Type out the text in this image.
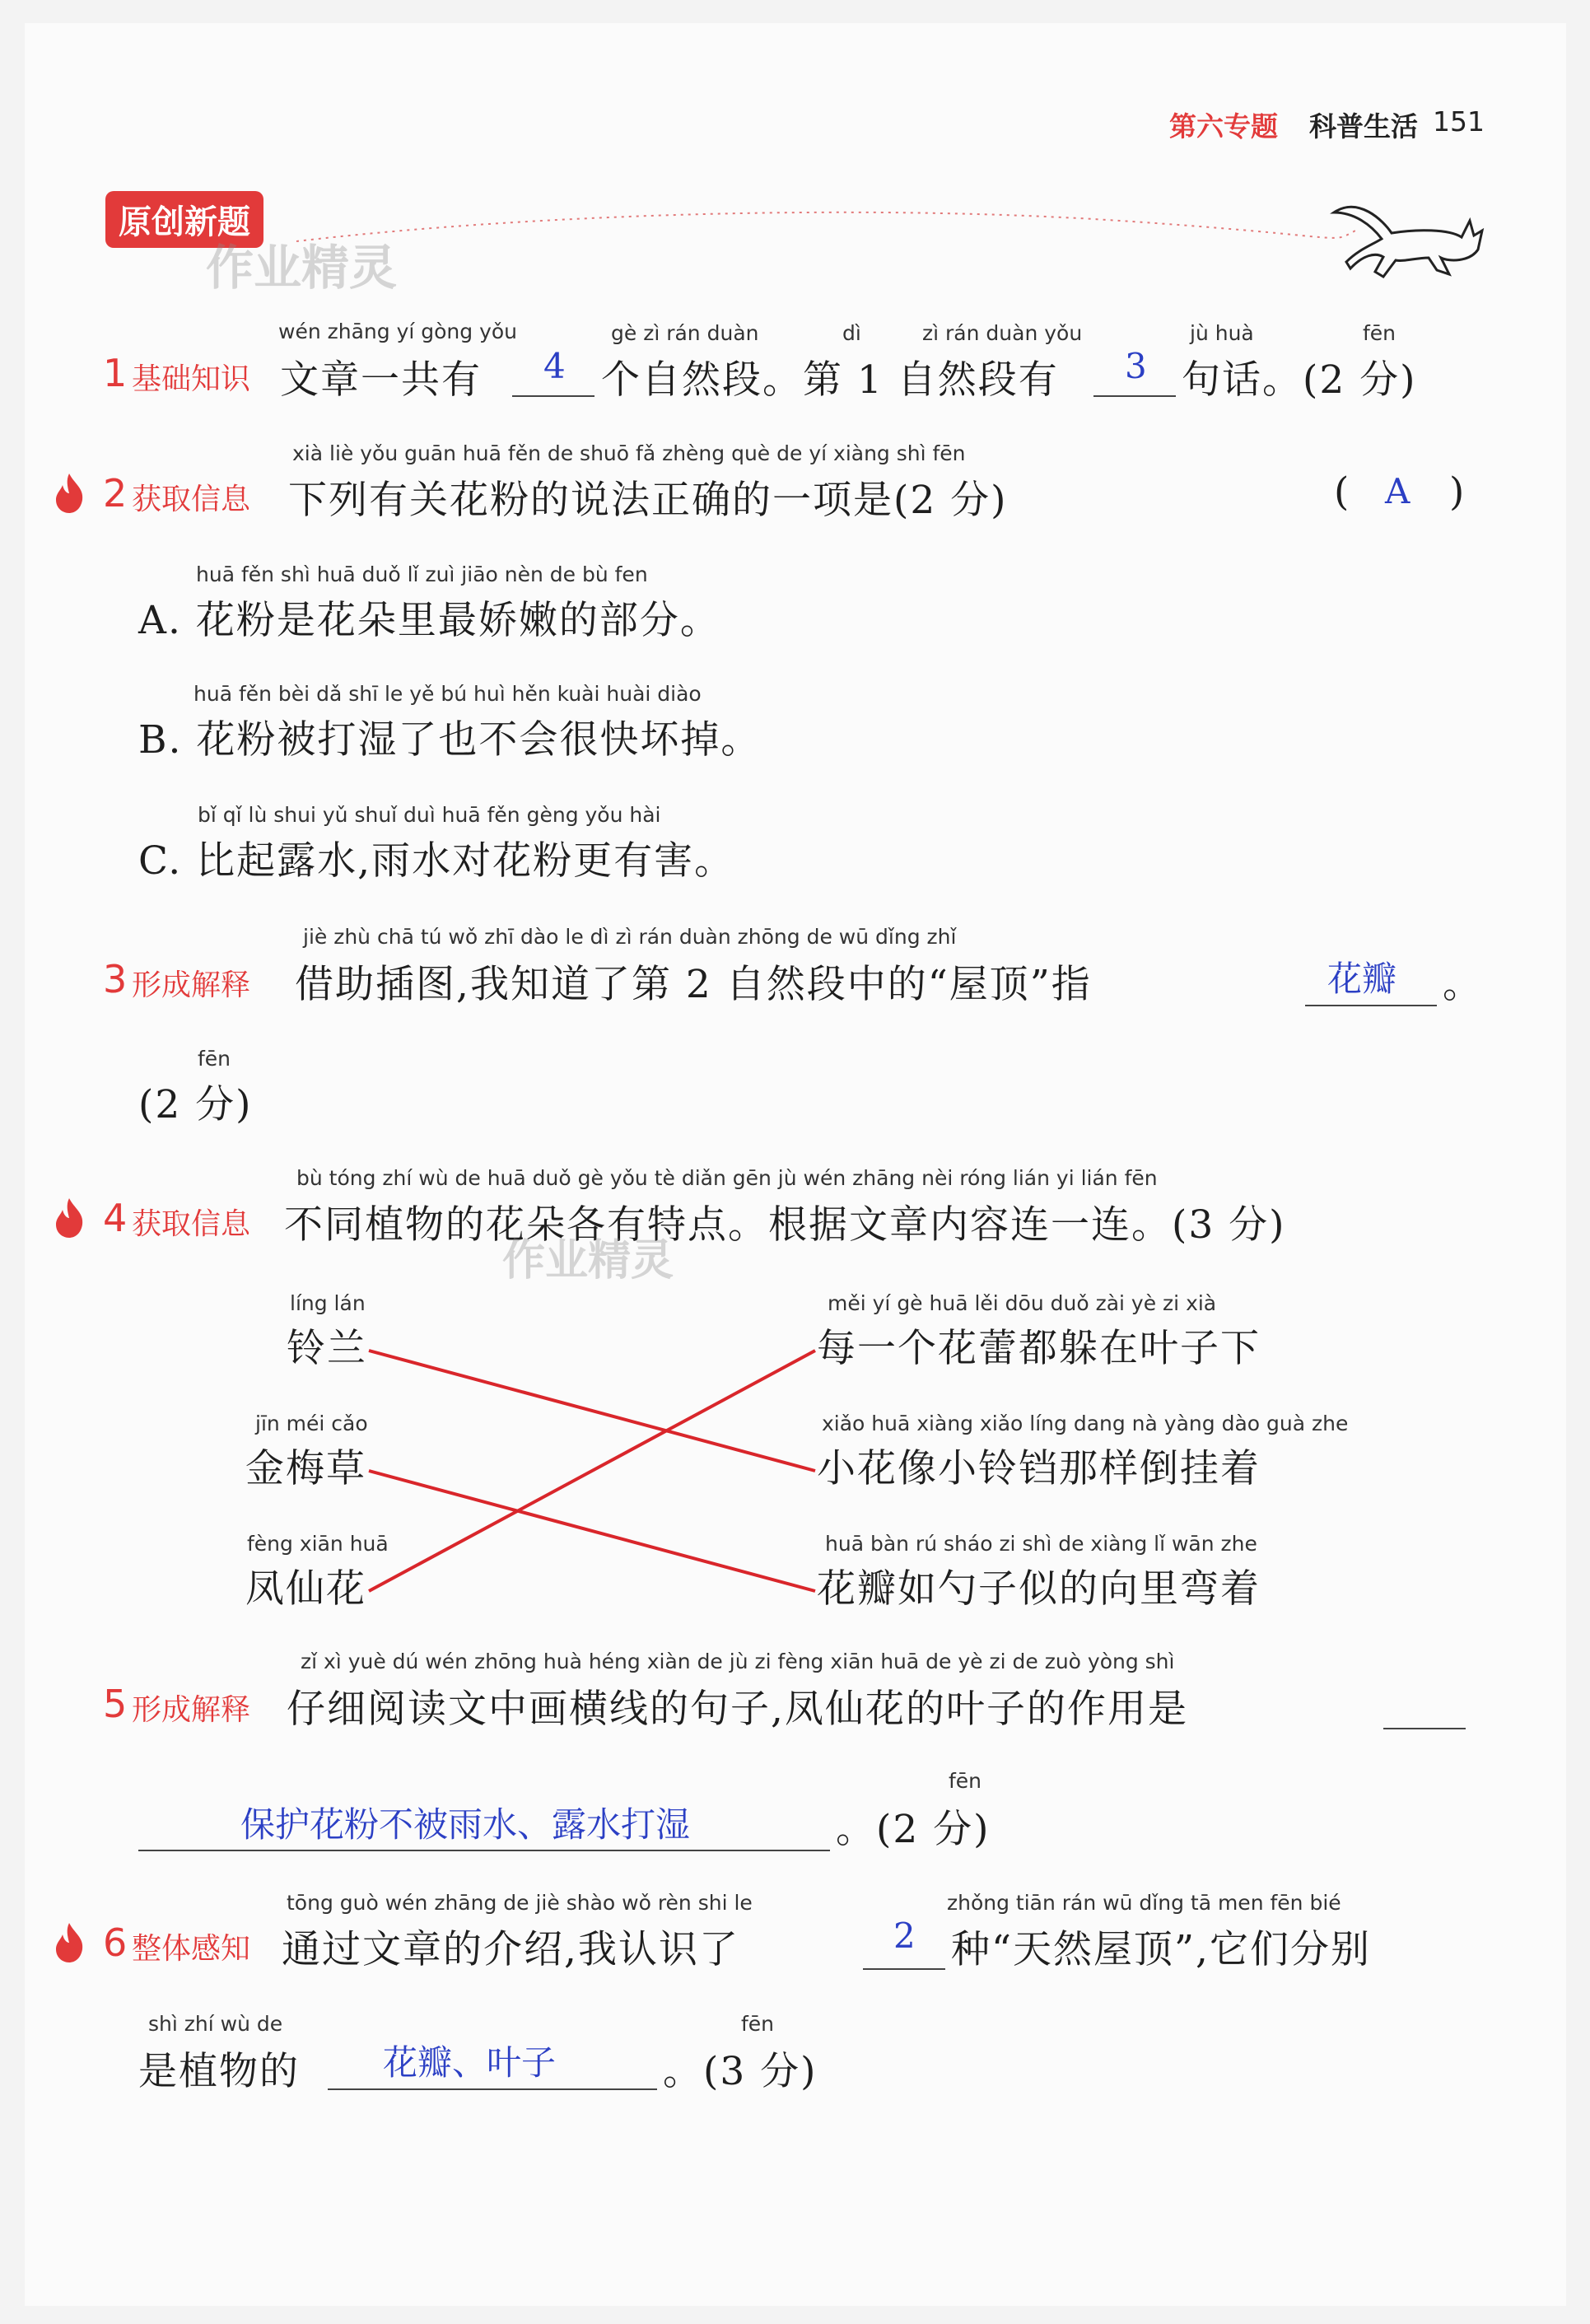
第六专题 科普生活 151
原创新题
作业精灵
wén zhāng yí gòng yǒu	gè zì rán duàn	dì	zì rán duàn yǒu	jù huà	fēn
1 基础知识 文章一共有 4 个自然段。第 1 自然段有 3 句话。(2 分)
xià liè yǒu guān huā fěn de shuō fǎ zhèng què de yí xiàng shì fēn
2 获取信息 下列有关花粉的说法正确的一项是(2 分)	( A )
huā fěn shì huā duǒ lǐ zuì jiāo nèn de bù fen
A. 花粉是花朵里最娇嫩的部分。
huā fěn bèi dǎ shī le yě bú huì hěn kuài huài diào
B. 花粉被打湿了也不会很快坏掉。
bǐ qǐ lù shui yǔ shuǐ duì huā fěn gèng yǒu hài
C. 比起露水,雨水对花粉更有害。
jiè zhù chā tú wǒ zhī dào le dì zì rán duàn zhōng de wū dǐng zhǐ
3 形成解释 借助插图,我知道了第 2 自然段中的“屋顶”指	花瓣 。
fēn
(2 分)
bù tóng zhí wù de huā duǒ gè yǒu tè diǎn gēn jù wén zhāng nèi róng lián yi lián fēn
4 获取信息 不同植物的花朵各有特点。根据文章内容连一连。(3 分)
作业精灵
líng lán
铃兰
jīn méi cǎo
金梅草
fèng xiān huā
凤仙花
měi yí gè huā lěi dōu duǒ zài yè zi xià
每一个花蕾都躲在叶子下
xiǎo huā xiàng xiǎo líng dang nà yàng dào guà zhe
小花像小铃铛那样倒挂着
huā bàn rú sháo zi shì de xiàng lǐ wān zhe
花瓣如勺子似的向里弯着
zǐ xì yuè dú wén zhōng huà héng xiàn de jù zi fèng xiān huā de yè zi de zuò yòng shì
5 形成解释 仔细阅读文中画横线的句子,凤仙花的叶子的作用是
fēn
保护花粉不被雨水、露水打湿	。(2 分)
tōng guò wén zhāng de jiè shào wǒ rèn shi le	zhǒng tiān rán wū dǐng tā men fēn bié
6 整体感知 通过文章的介绍,我认识了	2 种“天然屋顶”,它们分别
shì zhí wù de	fēn
是植物的 花瓣、叶子	。(3 分)
